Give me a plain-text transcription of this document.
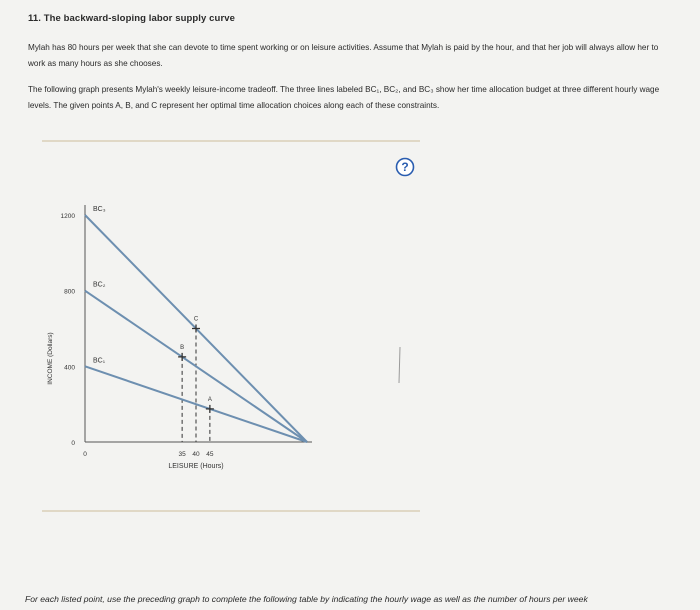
11. The backward-sloping labor supply curve

Mylah has 80 hours per week that she can devote to time spent working or on leisure activities. Assume that Mylah is paid by the hour, and that her job will always allow her to work as many hours as she chooses.

The following graph presents Mylah's weekly leisure-income tradeoff. The three lines labeled BC₁, BC₂, and BC₃ show her time allocation budget at three different hourly wage levels. The given points A, B, and C represent her optimal time allocation choices along each of these constraints.

?
0
400
800
1200
0	35 40 45
BC₁
BC₂
BC₃
A
B
C
LEISURE (Hours)
INCOME (Dollars)
For each listed point, use the preceding graph to complete the following table by indicating the hourly wage as well as the number of hours per week
